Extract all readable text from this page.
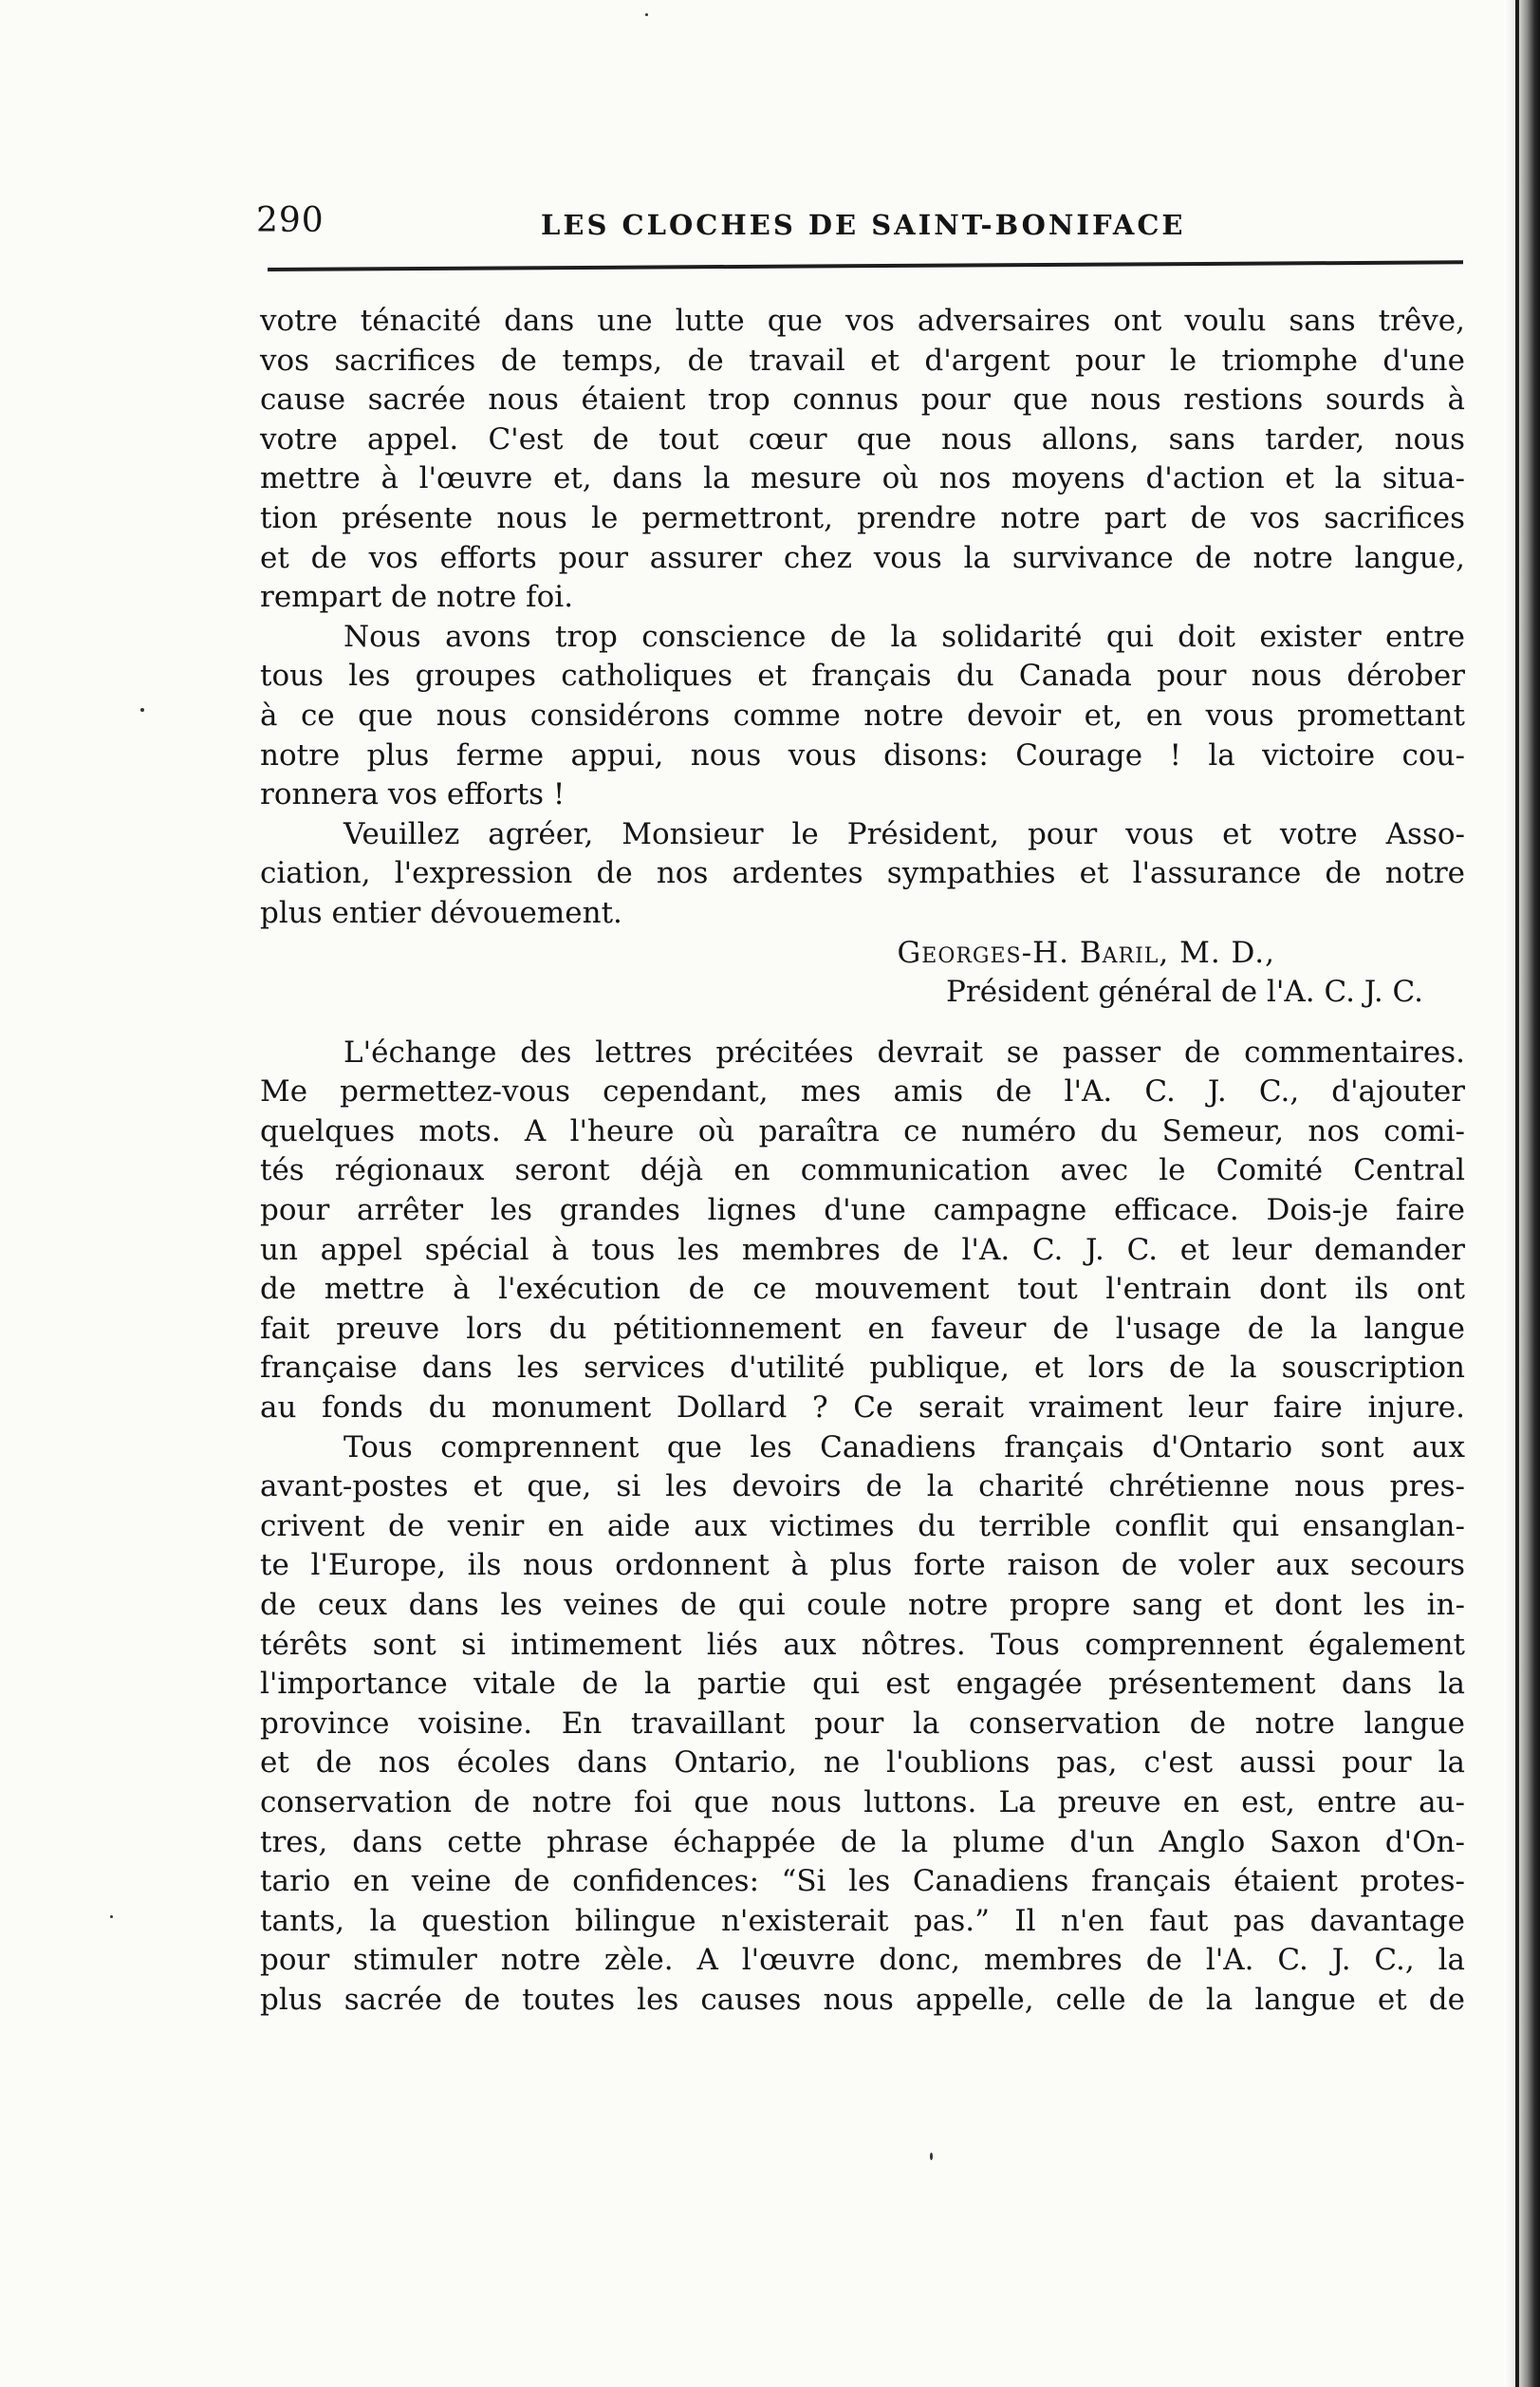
290	LES CLOCHES DE SAINT-BONIFACE
votre ténacité dans une lutte que vos adversaires ont voulu sans trêve,
vos sacrifices de temps, de travail et d'argent pour le triomphe d'une
cause sacrée nous étaient trop connus pour que nous restions sourds à
votre appel. C'est de tout cœur que nous allons, sans tarder, nous
mettre à l'œuvre et, dans la mesure où nos moyens d'action et la situa-
tion présente nous le permettront, prendre notre part de vos sacrifices
et de vos efforts pour assurer chez vous la survivance de notre langue,
rempart de notre foi.
Nous avons trop conscience de la solidarité qui doit exister entre
tous les groupes catholiques et français du Canada pour nous dérober
à ce que nous considérons comme notre devoir et, en vous promettant
notre plus ferme appui, nous vous disons: Courage ! la victoire cou-
ronnera vos efforts !
Veuillez agréer, Monsieur le Président, pour vous et votre Asso-
ciation, l'expression de nos ardentes sympathies et l'assurance de notre
plus entier dévouement.
Georges-H. Baril, M. D.,
Président général de l'A. C. J. C.
L'échange des lettres précitées devrait se passer de commentaires.
Me permettez-vous cependant, mes amis de l'A. C. J. C., d'ajouter
quelques mots. A l'heure où paraîtra ce numéro du Semeur, nos comi-
tés régionaux seront déjà en communication avec le Comité Central
pour arrêter les grandes lignes d'une campagne efficace. Dois-je faire
un appel spécial à tous les membres de l'A. C. J. C. et leur demander
de mettre à l'exécution de ce mouvement tout l'entrain dont ils ont
fait preuve lors du pétitionnement en faveur de l'usage de la langue
française dans les services d'utilité publique, et lors de la souscription
au fonds du monument Dollard ? Ce serait vraiment leur faire injure.
Tous comprennent que les Canadiens français d'Ontario sont aux
avant-postes et que, si les devoirs de la charité chrétienne nous pres-
crivent de venir en aide aux victimes du terrible conflit qui ensanglan-
te l'Europe, ils nous ordonnent à plus forte raison de voler aux secours
de ceux dans les veines de qui coule notre propre sang et dont les in-
térêts sont si intimement liés aux nôtres. Tous comprennent également
l'importance vitale de la partie qui est engagée présentement dans la
province voisine. En travaillant pour la conservation de notre langue
et de nos écoles dans Ontario, ne l'oublions pas, c'est aussi pour la
conservation de notre foi que nous luttons. La preuve en est, entre au-
tres, dans cette phrase échappée de la plume d'un Anglo Saxon d'On-
tario en veine de confidences: “Si les Canadiens français étaient protes-
tants, la question bilingue n'existerait pas.” Il n'en faut pas davantage
pour stimuler notre zèle. A l'œuvre donc, membres de l'A. C. J. C., la
plus sacrée de toutes les causes nous appelle, celle de la langue et de
